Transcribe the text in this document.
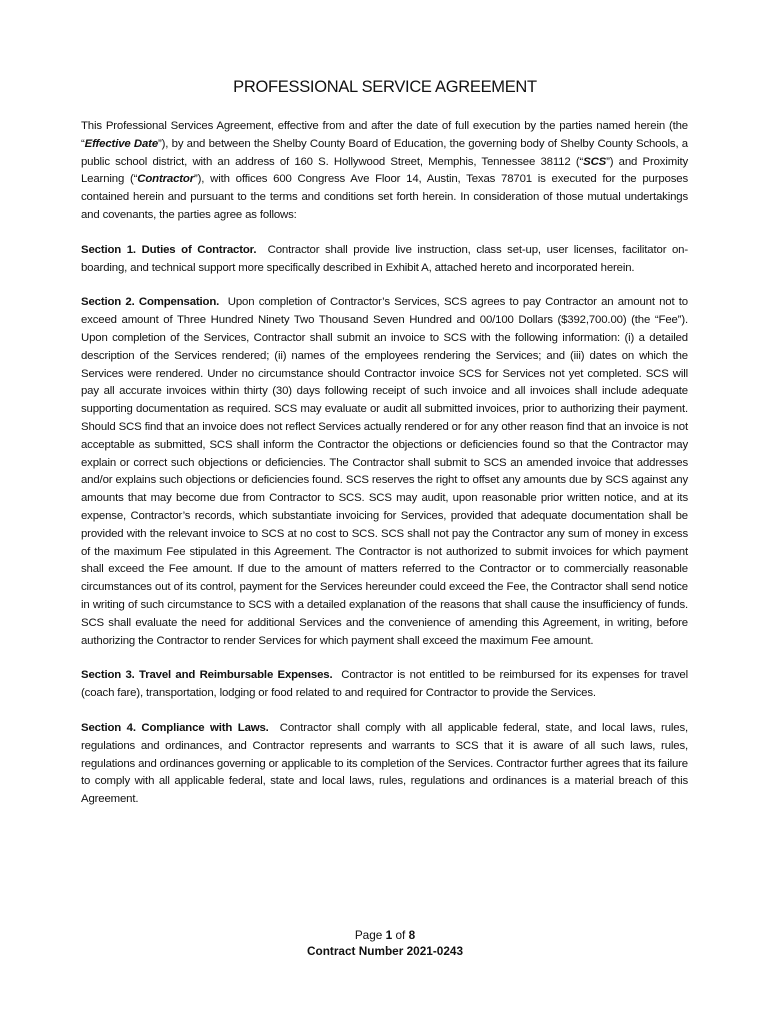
PROFESSIONAL SERVICE AGREEMENT

This Professional Services Agreement, effective from and after the date of full execution by the parties named herein (the “Effective Date”), by and between the Shelby County Board of Education, the governing body of Shelby County Schools, a public school district, with an address of 160 S. Hollywood Street, Memphis, Tennessee 38112 (“SCS”) and Proximity Learning (“Contractor”), with offices 600 Congress Ave Floor 14, Austin, Texas 78701 is executed for the purposes contained herein and pursuant to the terms and conditions set forth herein. In consideration of those mutual undertakings and covenants, the parties agree as follows:

Section 1. Duties of Contractor. Contractor shall provide live instruction, class set-up, user licenses, facilitator on-boarding, and technical support more specifically described in Exhibit A, attached hereto and incorporated herein.

Section 2. Compensation. Upon completion of Contractor’s Services, SCS agrees to pay Contractor an amount not to exceed amount of Three Hundred Ninety Two Thousand Seven Hundred and 00/100 Dollars ($392,700.00) (the “Fee”). Upon completion of the Services, Contractor shall submit an invoice to SCS with the following information: (i) a detailed description of the Services rendered; (ii) names of the employees rendering the Services; and (iii) dates on which the Services were rendered. Under no circumstance should Contractor invoice SCS for Services not yet completed. SCS will pay all accurate invoices within thirty (30) days following receipt of such invoice and all invoices shall include adequate supporting documentation as required. SCS may evaluate or audit all submitted invoices, prior to authorizing their payment. Should SCS find that an invoice does not reflect Services actually rendered or for any other reason find that an invoice is not acceptable as submitted, SCS shall inform the Contractor the objections or deficiencies found so that the Contractor may explain or correct such objections or deficiencies. The Contractor shall submit to SCS an amended invoice that addresses and/or explains such objections or deficiencies found. SCS reserves the right to offset any amounts due by SCS against any amounts that may become due from Contractor to SCS. SCS may audit, upon reasonable prior written notice, and at its expense, Contractor’s records, which substantiate invoicing for Services, provided that adequate documentation shall be provided with the relevant invoice to SCS at no cost to SCS. SCS shall not pay the Contractor any sum of money in excess of the maximum Fee stipulated in this Agreement. The Contractor is not authorized to submit invoices for which payment shall exceed the Fee amount. If due to the amount of matters referred to the Contractor or to commercially reasonable circumstances out of its control, payment for the Services hereunder could exceed the Fee, the Contractor shall send notice in writing of such circumstance to SCS with a detailed explanation of the reasons that shall cause the insufficiency of funds. SCS shall evaluate the need for additional Services and the convenience of amending this Agreement, in writing, before authorizing the Contractor to render Services for which payment shall exceed the maximum Fee amount.

Section 3. Travel and Reimbursable Expenses. Contractor is not entitled to be reimbursed for its expenses for travel (coach fare), transportation, lodging or food related to and required for Contractor to provide the Services.

Section 4. Compliance with Laws. Contractor shall comply with all applicable federal, state, and local laws, rules, regulations and ordinances, and Contractor represents and warrants to SCS that it is aware of all such laws, rules, regulations and ordinances governing or applicable to its completion of the Services. Contractor further agrees that its failure to comply with all applicable federal, state and local laws, rules, regulations and ordinances is a material breach of this Agreement.

Page 1 of 8
Contract Number 2021-0243
